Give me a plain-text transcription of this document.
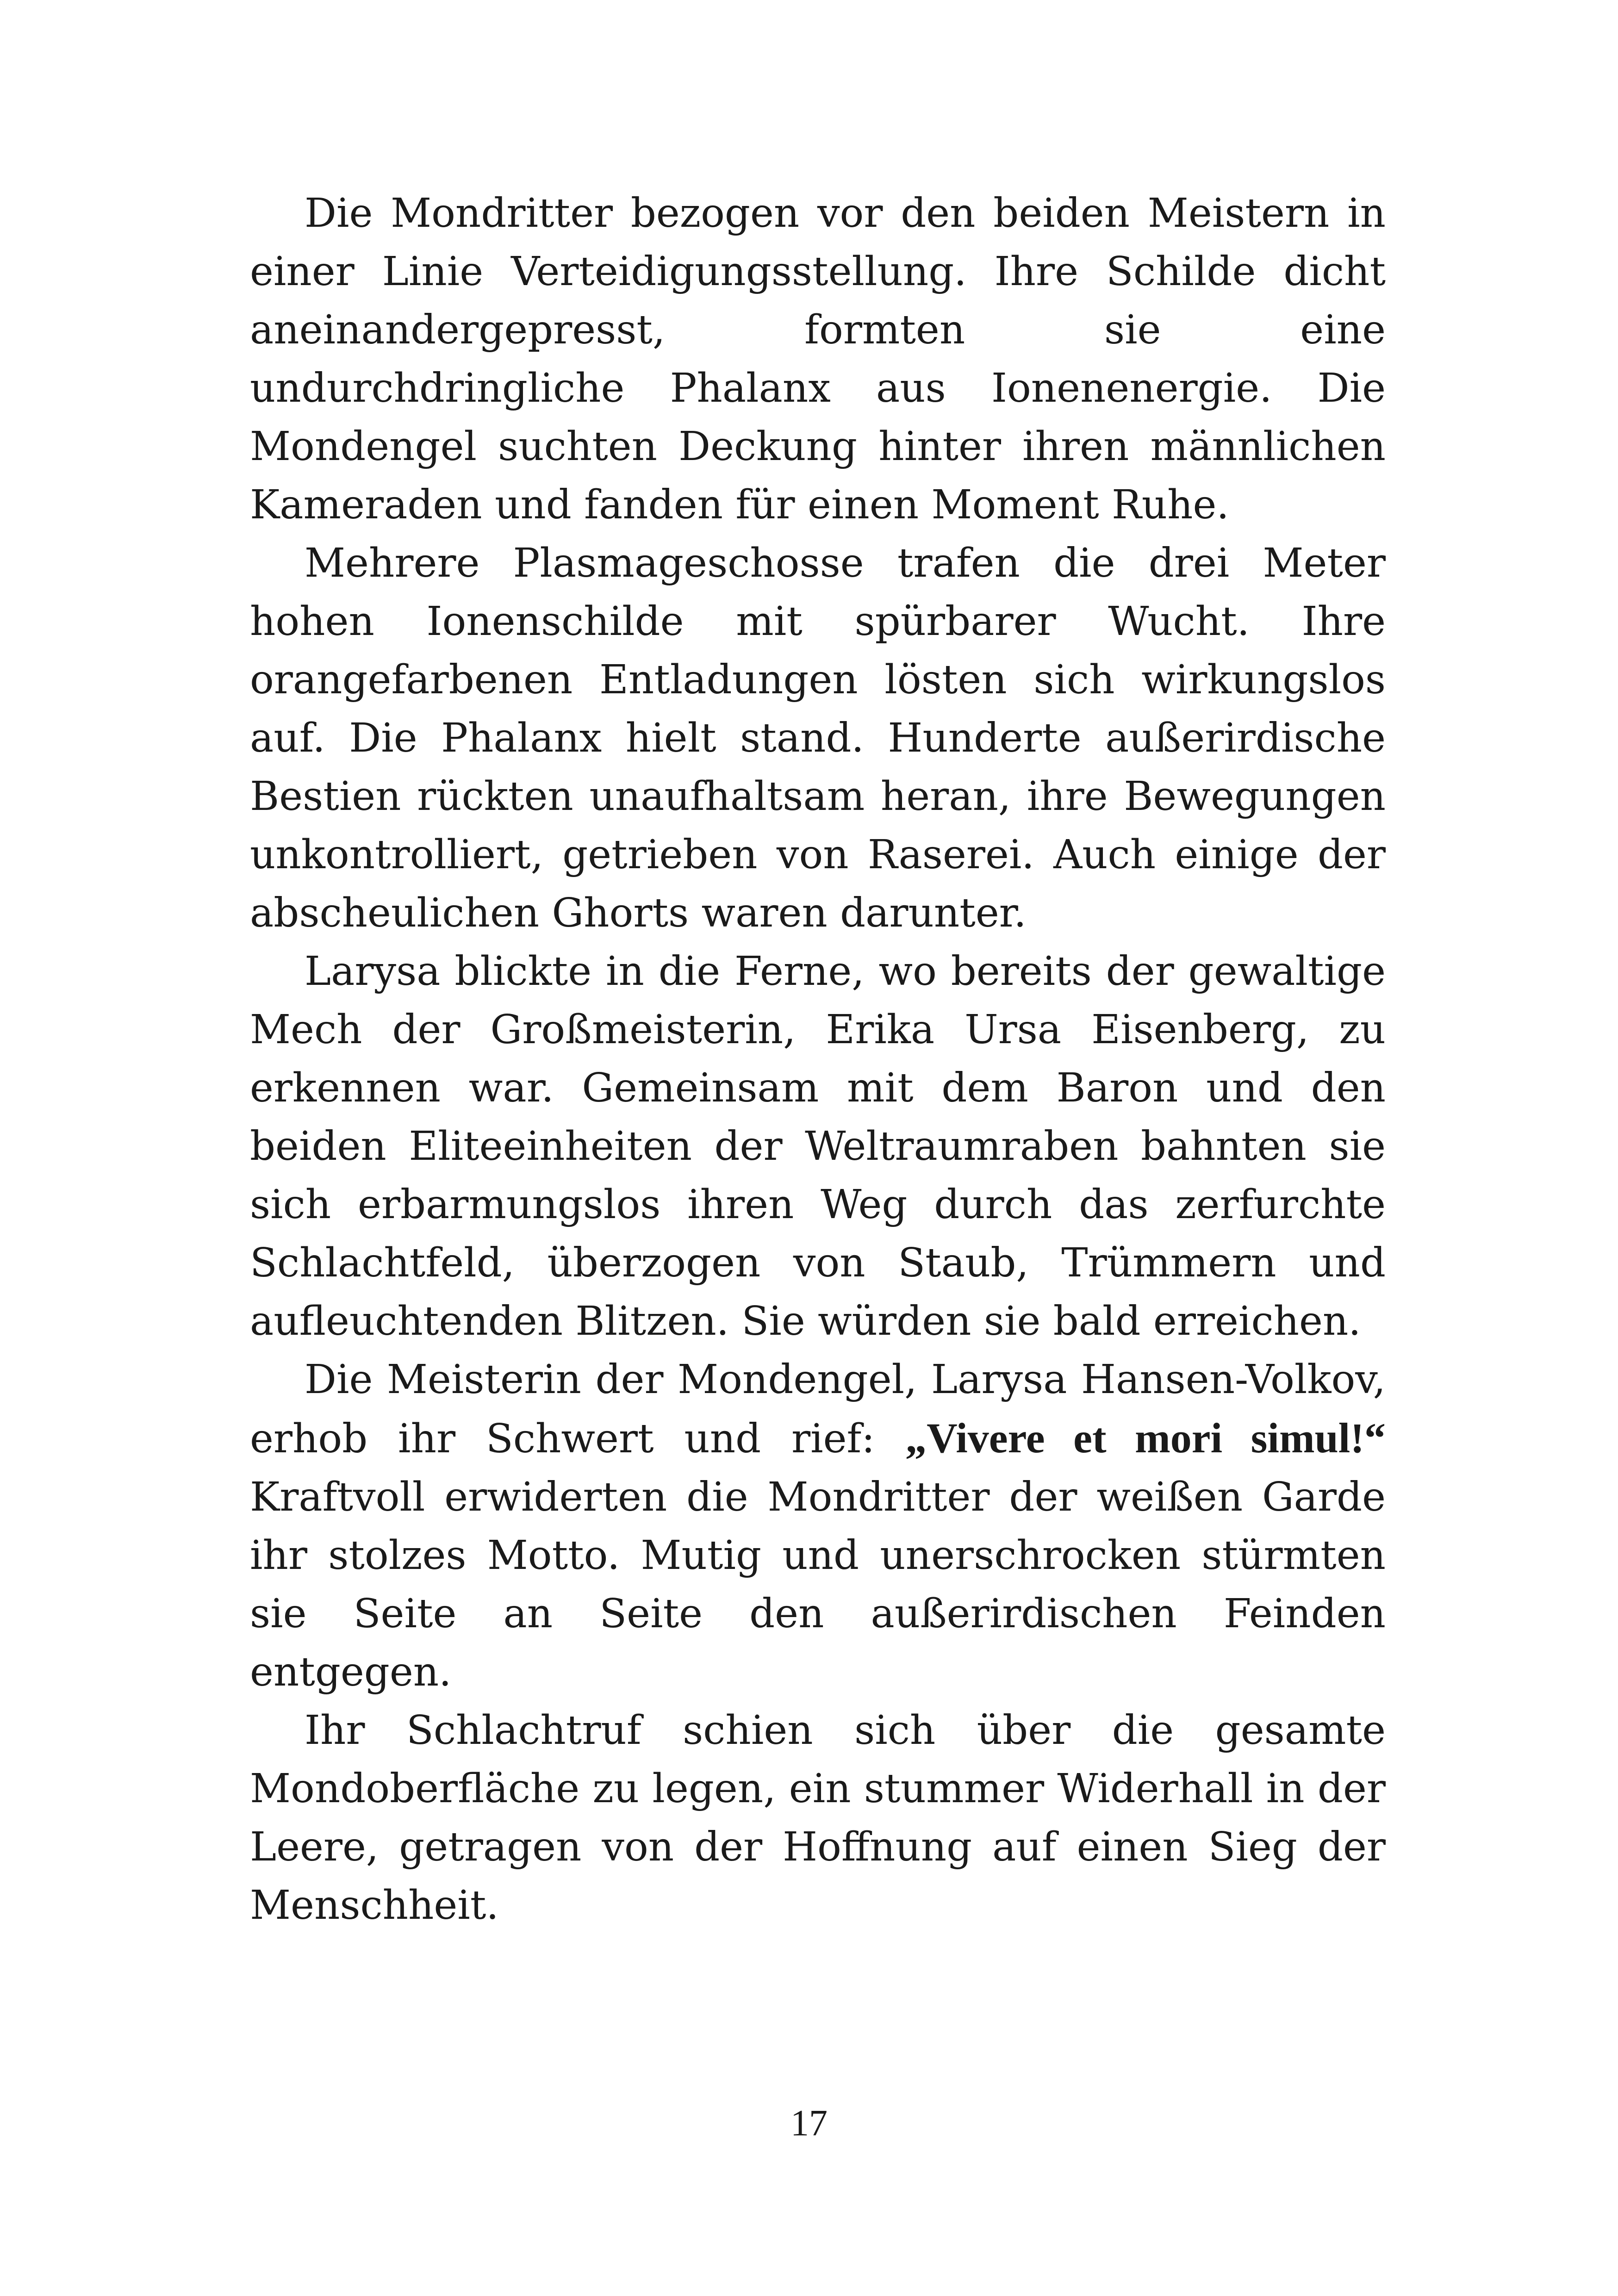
Die Mondritter bezogen vor den beiden Meistern in einer Linie Verteidigungsstellung. Ihre Schilde dicht aneinandergepresst, formten sie eine undurchdringliche Phalanx aus Ionenenergie. Die Mondengel suchten Deckung hinter ihren männlichen Kameraden und fanden für einen Moment Ruhe.

Mehrere Plasmageschosse trafen die drei Meter hohen Ionenschilde mit spürbarer Wucht. Ihre orangefarbenen Entladungen lösten sich wirkungslos auf. Die Phalanx hielt stand. Hunderte außerirdische Bestien rückten unaufhaltsam heran, ihre Bewegungen unkontrolliert, getrieben von Raserei. Auch einige der abscheulichen Ghorts waren darunter.

Larysa blickte in die Ferne, wo bereits der gewaltige Mech der Großmeisterin, Erika Ursa Eisenberg, zu erkennen war. Gemeinsam mit dem Baron und den beiden Eliteeinheiten der Weltraumraben bahnten sie sich erbarmungslos ihren Weg durch das zerfurchte Schlachtfeld, überzogen von Staub, Trümmern und aufleuchtenden Blitzen. Sie würden sie bald erreichen.

Die Meisterin der Mondengel, Larysa Hansen-Volkov, erhob ihr Schwert und rief: „Vivere et mori simul!“ Kraftvoll erwiderten die Mondritter der weißen Garde ihr stolzes Motto. Mutig und unerschrocken stürmten sie Seite an Seite den außerirdischen Feinden entgegen.

Ihr Schlachtruf schien sich über die gesamte Mondoberfläche zu legen, ein stummer Widerhall in der Leere, getragen von der Hoffnung auf einen Sieg der Menschheit.

17
